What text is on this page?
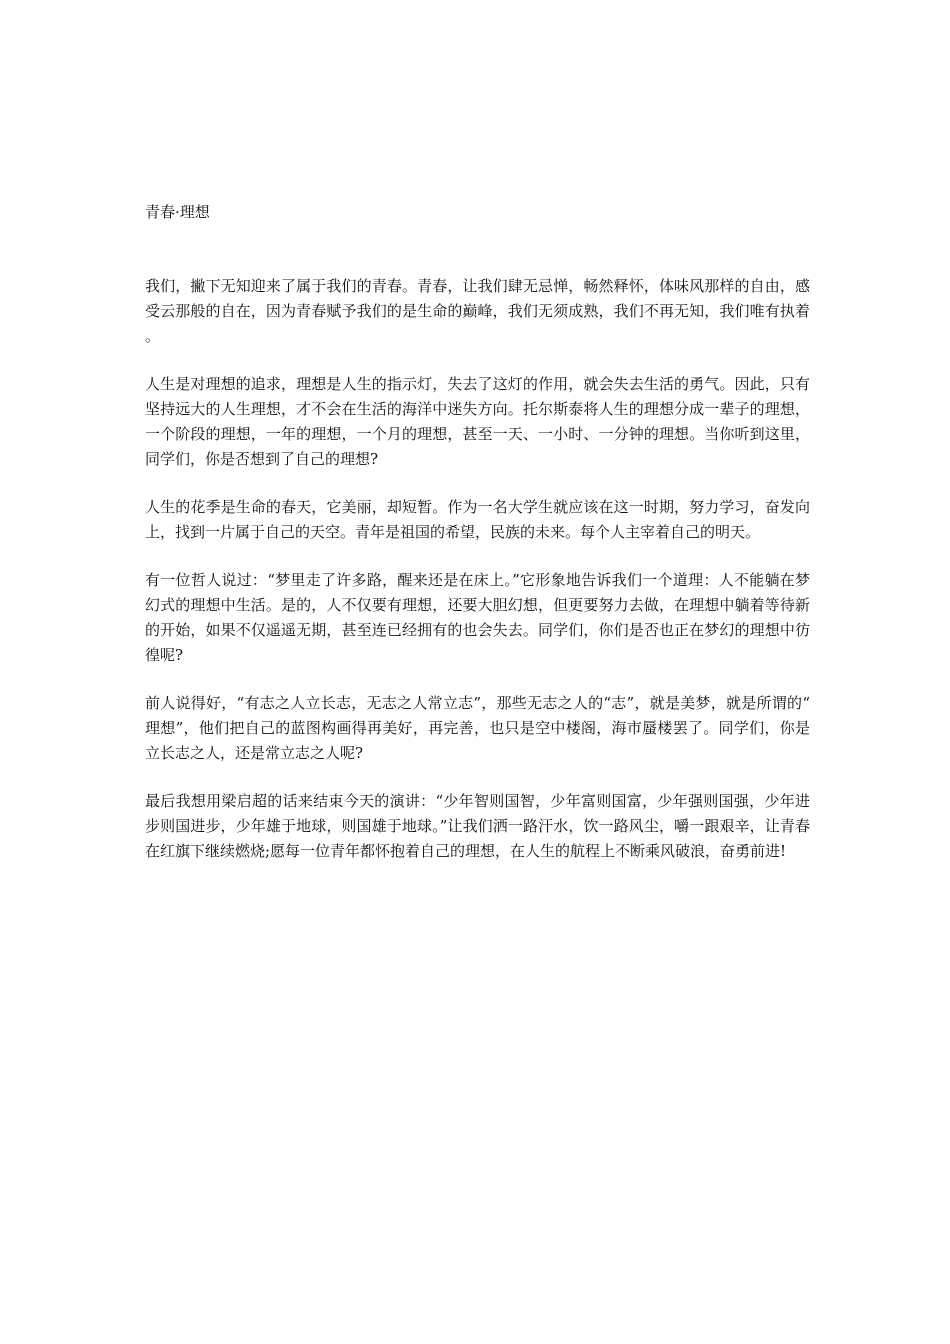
青春·理想

我们，撇下无知迎来了属于我们的青春。青春，让我们肆无忌惮，畅然释怀，体味风那样的自由，感受云那般的自在，因为青春赋予我们的是生命的巅峰，我们无须成熟，我们不再无知，我们唯有执着。

人生是对理想的追求，理想是人生的指示灯，失去了这灯的作用，就会失去生活的勇气。因此，只有坚持远大的人生理想，才不会在生活的海洋中迷失方向。托尔斯泰将人生的理想分成一辈子的理想，一个阶段的理想，一年的理想，一个月的理想，甚至一天、一小时、一分钟的理想。当你听到这里，同学们，你是否想到了自己的理想?

人生的花季是生命的春天，它美丽，却短暂。作为一名大学生就应该在这一时期，努力学习，奋发向上，找到一片属于自己的天空。青年是祖国的希望，民族的未来。每个人主宰着自己的明天。

有一位哲人说过：“梦里走了许多路，醒来还是在床上。”它形象地告诉我们一个道理：人不能躺在梦幻式的理想中生活。是的，人不仅要有理想，还要大胆幻想，但更要努力去做，在理想中躺着等待新的开始，如果不仅遥遥无期，甚至连已经拥有的也会失去。同学们，你们是否也正在梦幻的理想中彷徨呢?

前人说得好，“有志之人立长志，无志之人常立志”，那些无志之人的“志”，就是美梦，就是所谓的“理想”，他们把自己的蓝图构画得再美好，再完善，也只是空中楼阁，海市蜃楼罢了。同学们，你是立长志之人，还是常立志之人呢?

最后我想用梁启超的话来结束今天的演讲：“少年智则国智，少年富则国富，少年强则国强，少年进步则国进步，少年雄于地球，则国雄于地球。”让我们洒一路汗水，饮一路风尘，嚼一跟艰辛，让青春在红旗下继续燃烧;愿每一位青年都怀抱着自己的理想，在人生的航程上不断乘风破浪，奋勇前进!
